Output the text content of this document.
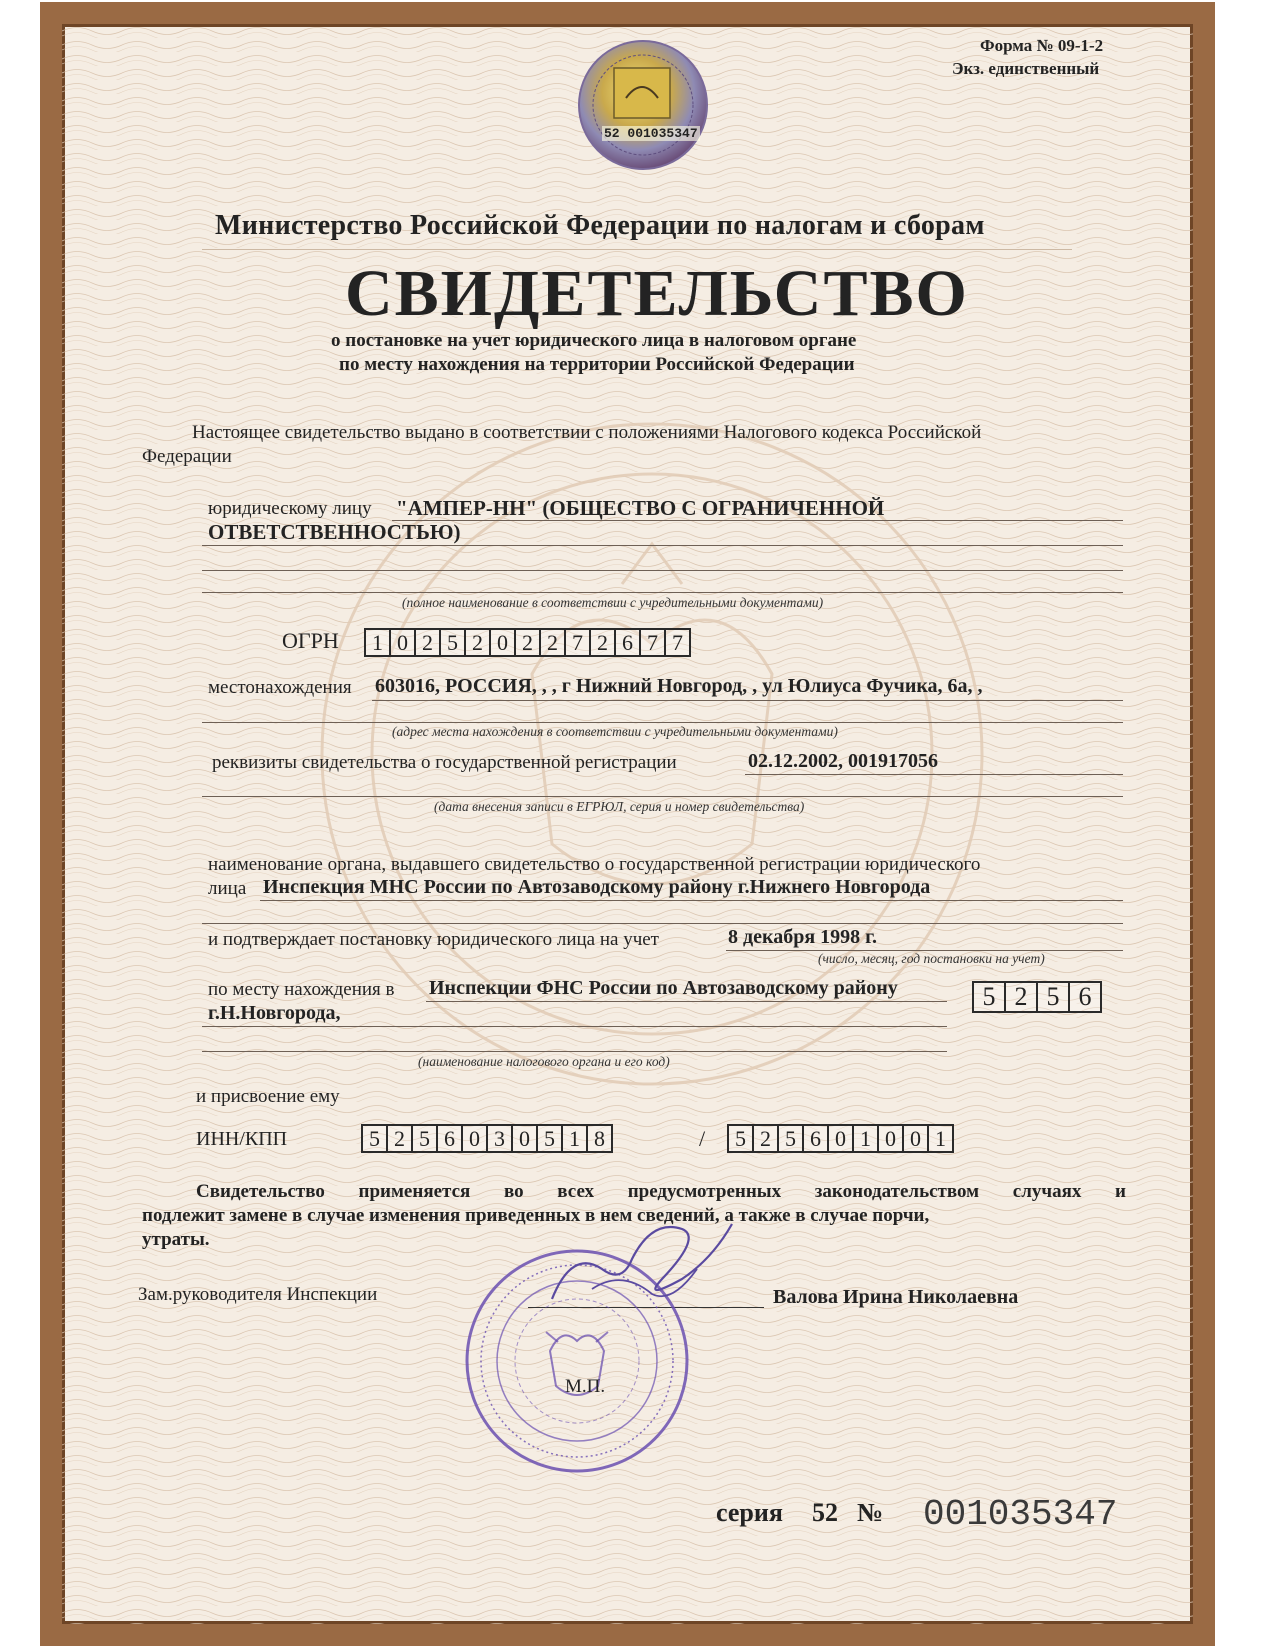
Форма № 09-1-2
Экз. единственный
52 001035347
Министерство Российской Федерации по налогам и сборам
СВИДЕТЕЛЬСТВО
о постановке на учет юридического лица в налоговом органе
по месту нахождения на территории Российской Федерации
Настоящее свидетельство выдано в соответствии с положениями Налогового кодекса Российской
Федерации
юридическому лицу "АМПЕР-НН" (ОБЩЕСТВО С ОГРАНИЧЕННОЙ
ОТВЕТСТВЕННОСТЬЮ)
(полное наименование в соответствии с учредительными документами)
ОГРН 1 0 2 5 2 0 2 2 7 2 6 7 7
местонахождения 603016, РОССИЯ, , , г Нижний Новгород, , ул Юлиуса Фучика, 6а, ,
(адрес места нахождения в соответствии с учредительными документами)
реквизиты свидетельства о государственной регистрации	02.12.2002, 001917056
(дата внесения записи в ЕГРЮЛ, серия и номер свидетельства)
наименование органа, выдавшего свидетельство о государственной регистрации юридического
лица Инспекция МНС России по Автозаводскому району г.Нижнего Новгорода
и подтверждает постановку юридического лица на учет	8 декабря 1998 г.
(число, месяц, год постановки на учет)
по месту нахождения в Инспекции ФНС России по Автозаводскому району
г.Н.Новгорода,
5 2 5 6
(наименование налогового органа и его код)
и присвоение ему
ИНН/КПП	5 2 5 6 0 3 0 5 1 8	/ 5 2 5 6 0 1 0 0 1
Свидетельство применяется во всех предусмотренных законодательством случаях и
подлежит замене в случае изменения приведенных в нем сведений, а также в случае порчи,
утраты.
Зам.руководителя Инспекции	Валова Ирина Николаевна
М.П.
серия 52 № 001035347
